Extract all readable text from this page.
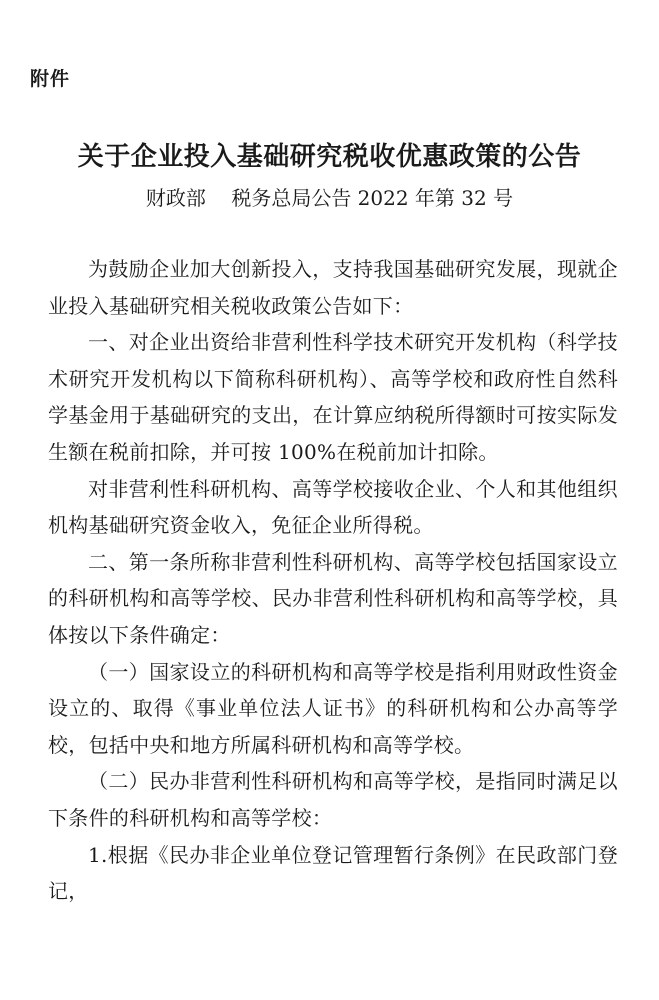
附件
关于企业投入基础研究税收优惠政策的公告
财政部    税务总局公告 2022 年第 32 号

为鼓励企业加大创新投入，支持我国基础研究发展，现就企业投入基础研究相关税收政策公告如下：

一、对企业出资给非营利性科学技术研究开发机构（科学技术研究开发机构以下简称科研机构）、高等学校和政府性自然科学基金用于基础研究的支出，在计算应纳税所得额时可按实际发生额在税前扣除，并可按 100%在税前加计扣除。

对非营利性科研机构、高等学校接收企业、个人和其他组织机构基础研究资金收入，免征企业所得税。

二、第一条所称非营利性科研机构、高等学校包括国家设立的科研机构和高等学校、民办非营利性科研机构和高等学校，具体按以下条件确定：

（一）国家设立的科研机构和高等学校是指利用财政性资金设立的、取得《事业单位法人证书》的科研机构和公办高等学校，包括中央和地方所属科研机构和高等学校。

（二）民办非营利性科研机构和高等学校，是指同时满足以下条件的科研机构和高等学校：

1.根据《民办非企业单位登记管理暂行条例》在民政部门登记，
